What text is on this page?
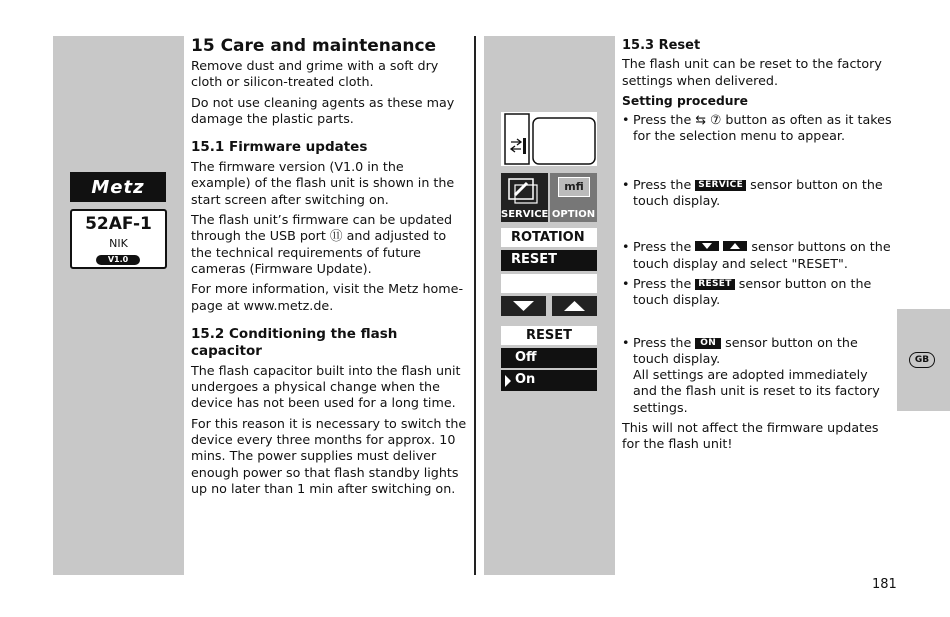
Metz
52AF-1
NIK
V1.0
15 Care and maintenance

Remove dust and grime with a soft dry cloth or silicon-treated cloth.

Do not use cleaning agents as these may damage the plastic parts.

15.1 Firmware updates

The firmware version (V1.0 in the example) of the flash unit is shown in the start screen after switching on.

The flash unit’s firmware can be updated through the USB port ⑪ and adjusted to the technical requirements of future cameras (Firmware Update).

For more information, visit the Metz home-page at www.metz.de.

15.2 Conditioning the flash capacitor

The flash capacitor built into the flash unit undergoes a physical change when the device has not been used for a long time.

For this reason it is necessary to switch the device every three months for approx. 10 mins. The power supplies must deliver enough power so that flash standby lights up no later than 1 min after switching on.

SERVICE
mfi
OPTION
ROTATION
RESET
RESET
Off
On
15.3 Reset

The flash unit can be reset to the factory settings when delivered.

Setting procedure

• Press the ⇆ ⑦ button as often as it takes for the selection menu to appear.

• Press the SERVICE sensor button on the touch display.

• Press the
	sensor buttons on the touch display and select "RESET".

• Press the RESET sensor button on the touch display.

• Press the ON sensor button on the touch display.
All settings are adopted immediately and the flash unit is reset to its factory settings.

This will not affect the firmware updates for the flash unit!

GB
181
